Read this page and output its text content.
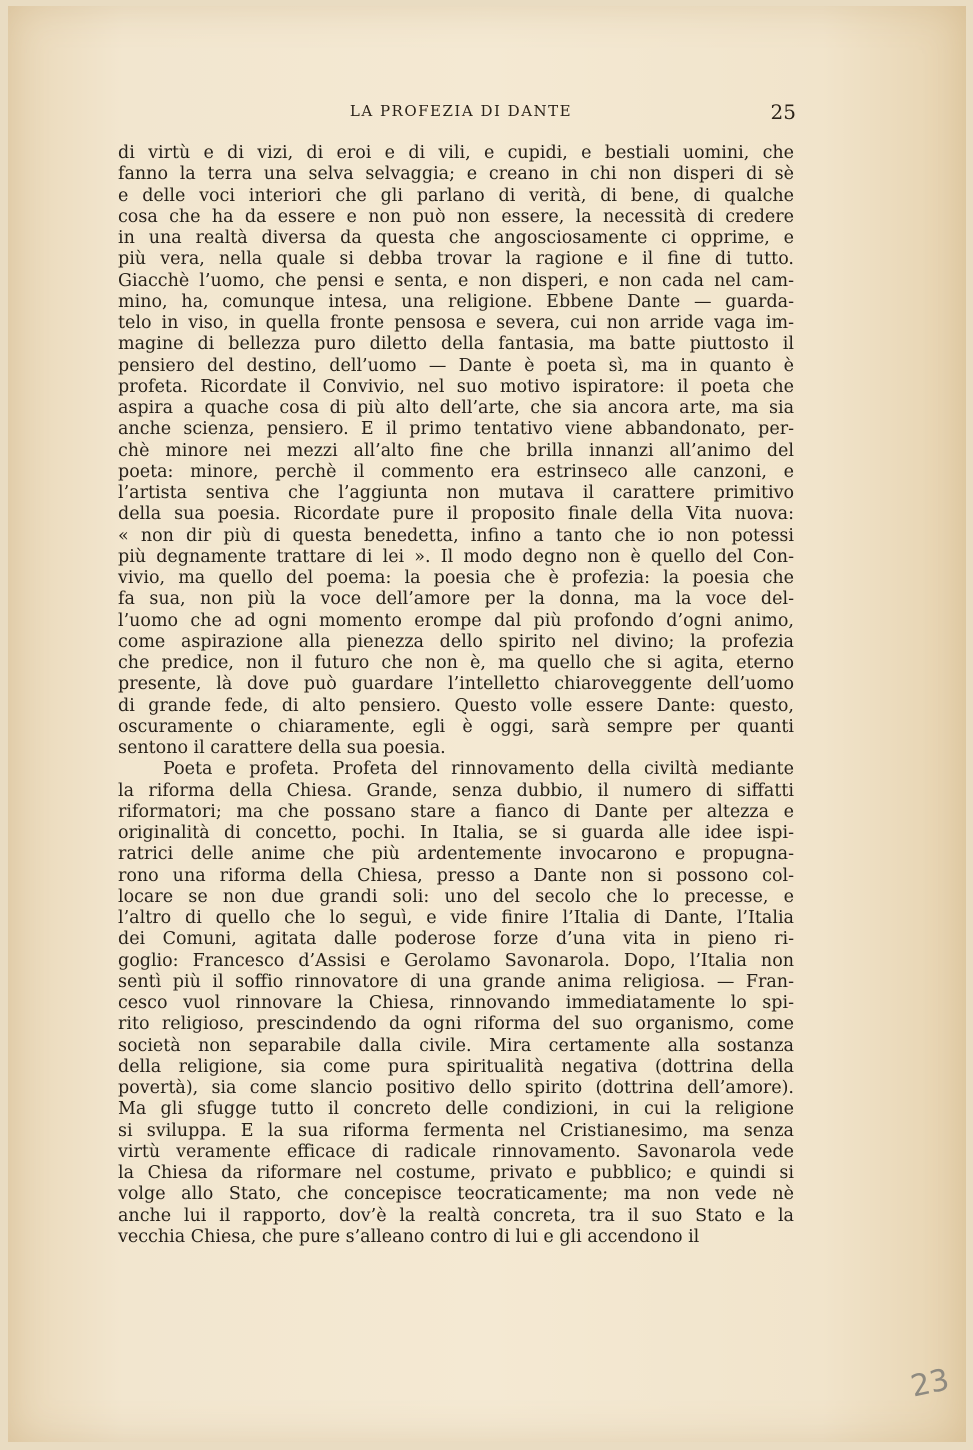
LA PROFEZIA DI DANTE	25
di virtù e di vizi, di eroi e di vili, e cupidi, e bestiali uomini, che
fanno la terra una selva selvaggia; e creano in chi non disperi di sè
e delle voci interiori che gli parlano di verità, di bene, di qualche
cosa che ha da essere e non può non essere, la necessità di credere
in una realtà diversa da questa che angosciosamente ci opprime, e
più vera, nella quale si debba trovar la ragione e il fine di tutto.
Giacchè l’uomo, che pensi e senta, e non disperi, e non cada nel cam-
mino, ha, comunque intesa, una religione. Ebbene Dante — guarda-
telo in viso, in quella fronte pensosa e severa, cui non arride vaga im-
magine di bellezza puro diletto della fantasia, ma batte piuttosto il
pensiero del destino, dell’uomo — Dante è poeta sì, ma in quanto è
profeta. Ricordate il Convivio, nel suo motivo ispiratore: il poeta che
aspira a quache cosa di più alto dell’arte, che sia ancora arte, ma sia
anche scienza, pensiero. E il primo tentativo viene abbandonato, per-
chè minore nei mezzi all’alto fine che brilla innanzi all’animo del
poeta: minore, perchè il commento era estrinseco alle canzoni, e
l’artista sentiva che l’aggiunta non mutava il carattere primitivo
della sua poesia. Ricordate pure il proposito finale della Vita nuova:
« non dir più di questa benedetta, infino a tanto che io non potessi
più degnamente trattare di lei ». Il modo degno non è quello del Con-
vivio, ma quello del poema: la poesia che è profezia: la poesia che
fa sua, non più la voce dell’amore per la donna, ma la voce del-
l’uomo che ad ogni momento erompe dal più profondo d’ogni animo,
come aspirazione alla pienezza dello spirito nel divino; la profezia
che predice, non il futuro che non è, ma quello che si agita, eterno
presente, là dove può guardare l’intelletto chiaroveggente dell’uomo
di grande fede, di alto pensiero. Questo volle essere Dante: questo,
oscuramente o chiaramente, egli è oggi, sarà sempre per quanti
sentono il carattere della sua poesia.
Poeta e profeta. Profeta del rinnovamento della civiltà mediante
la riforma della Chiesa. Grande, senza dubbio, il numero di siffatti
riformatori; ma che possano stare a fianco di Dante per altezza e
originalità di concetto, pochi. In Italia, se si guarda alle idee ispi-
ratrici delle anime che più ardentemente invocarono e propugna-
rono una riforma della Chiesa, presso a Dante non si possono col-
locare se non due grandi soli: uno del secolo che lo precesse, e
l’altro di quello che lo seguì, e vide finire l’Italia di Dante, l’Italia
dei Comuni, agitata dalle poderose forze d’una vita in pieno ri-
goglio: Francesco d’Assisi e Gerolamo Savonarola. Dopo, l’Italia non
sentì più il soffio rinnovatore di una grande anima religiosa. — Fran-
cesco vuol rinnovare la Chiesa, rinnovando immediatamente lo spi-
rito religioso, prescindendo da ogni riforma del suo organismo, come
società non separabile dalla civile. Mira certamente alla sostanza
della religione, sia come pura spiritualità negativa (dottrina della
povertà), sia come slancio positivo dello spirito (dottrina dell’amore).
Ma gli sfugge tutto il concreto delle condizioni, in cui la religione
si sviluppa. E la sua riforma fermenta nel Cristianesimo, ma senza
virtù veramente efficace di radicale rinnovamento. Savonarola vede
la Chiesa da riformare nel costume, privato e pubblico; e quindi si
volge allo Stato, che concepisce teocraticamente; ma non vede nè
anche lui il rapporto, dov’è la realtà concreta, tra il suo Stato e la
vecchia Chiesa, che pure s’alleano contro di lui e gli accendono il
23
